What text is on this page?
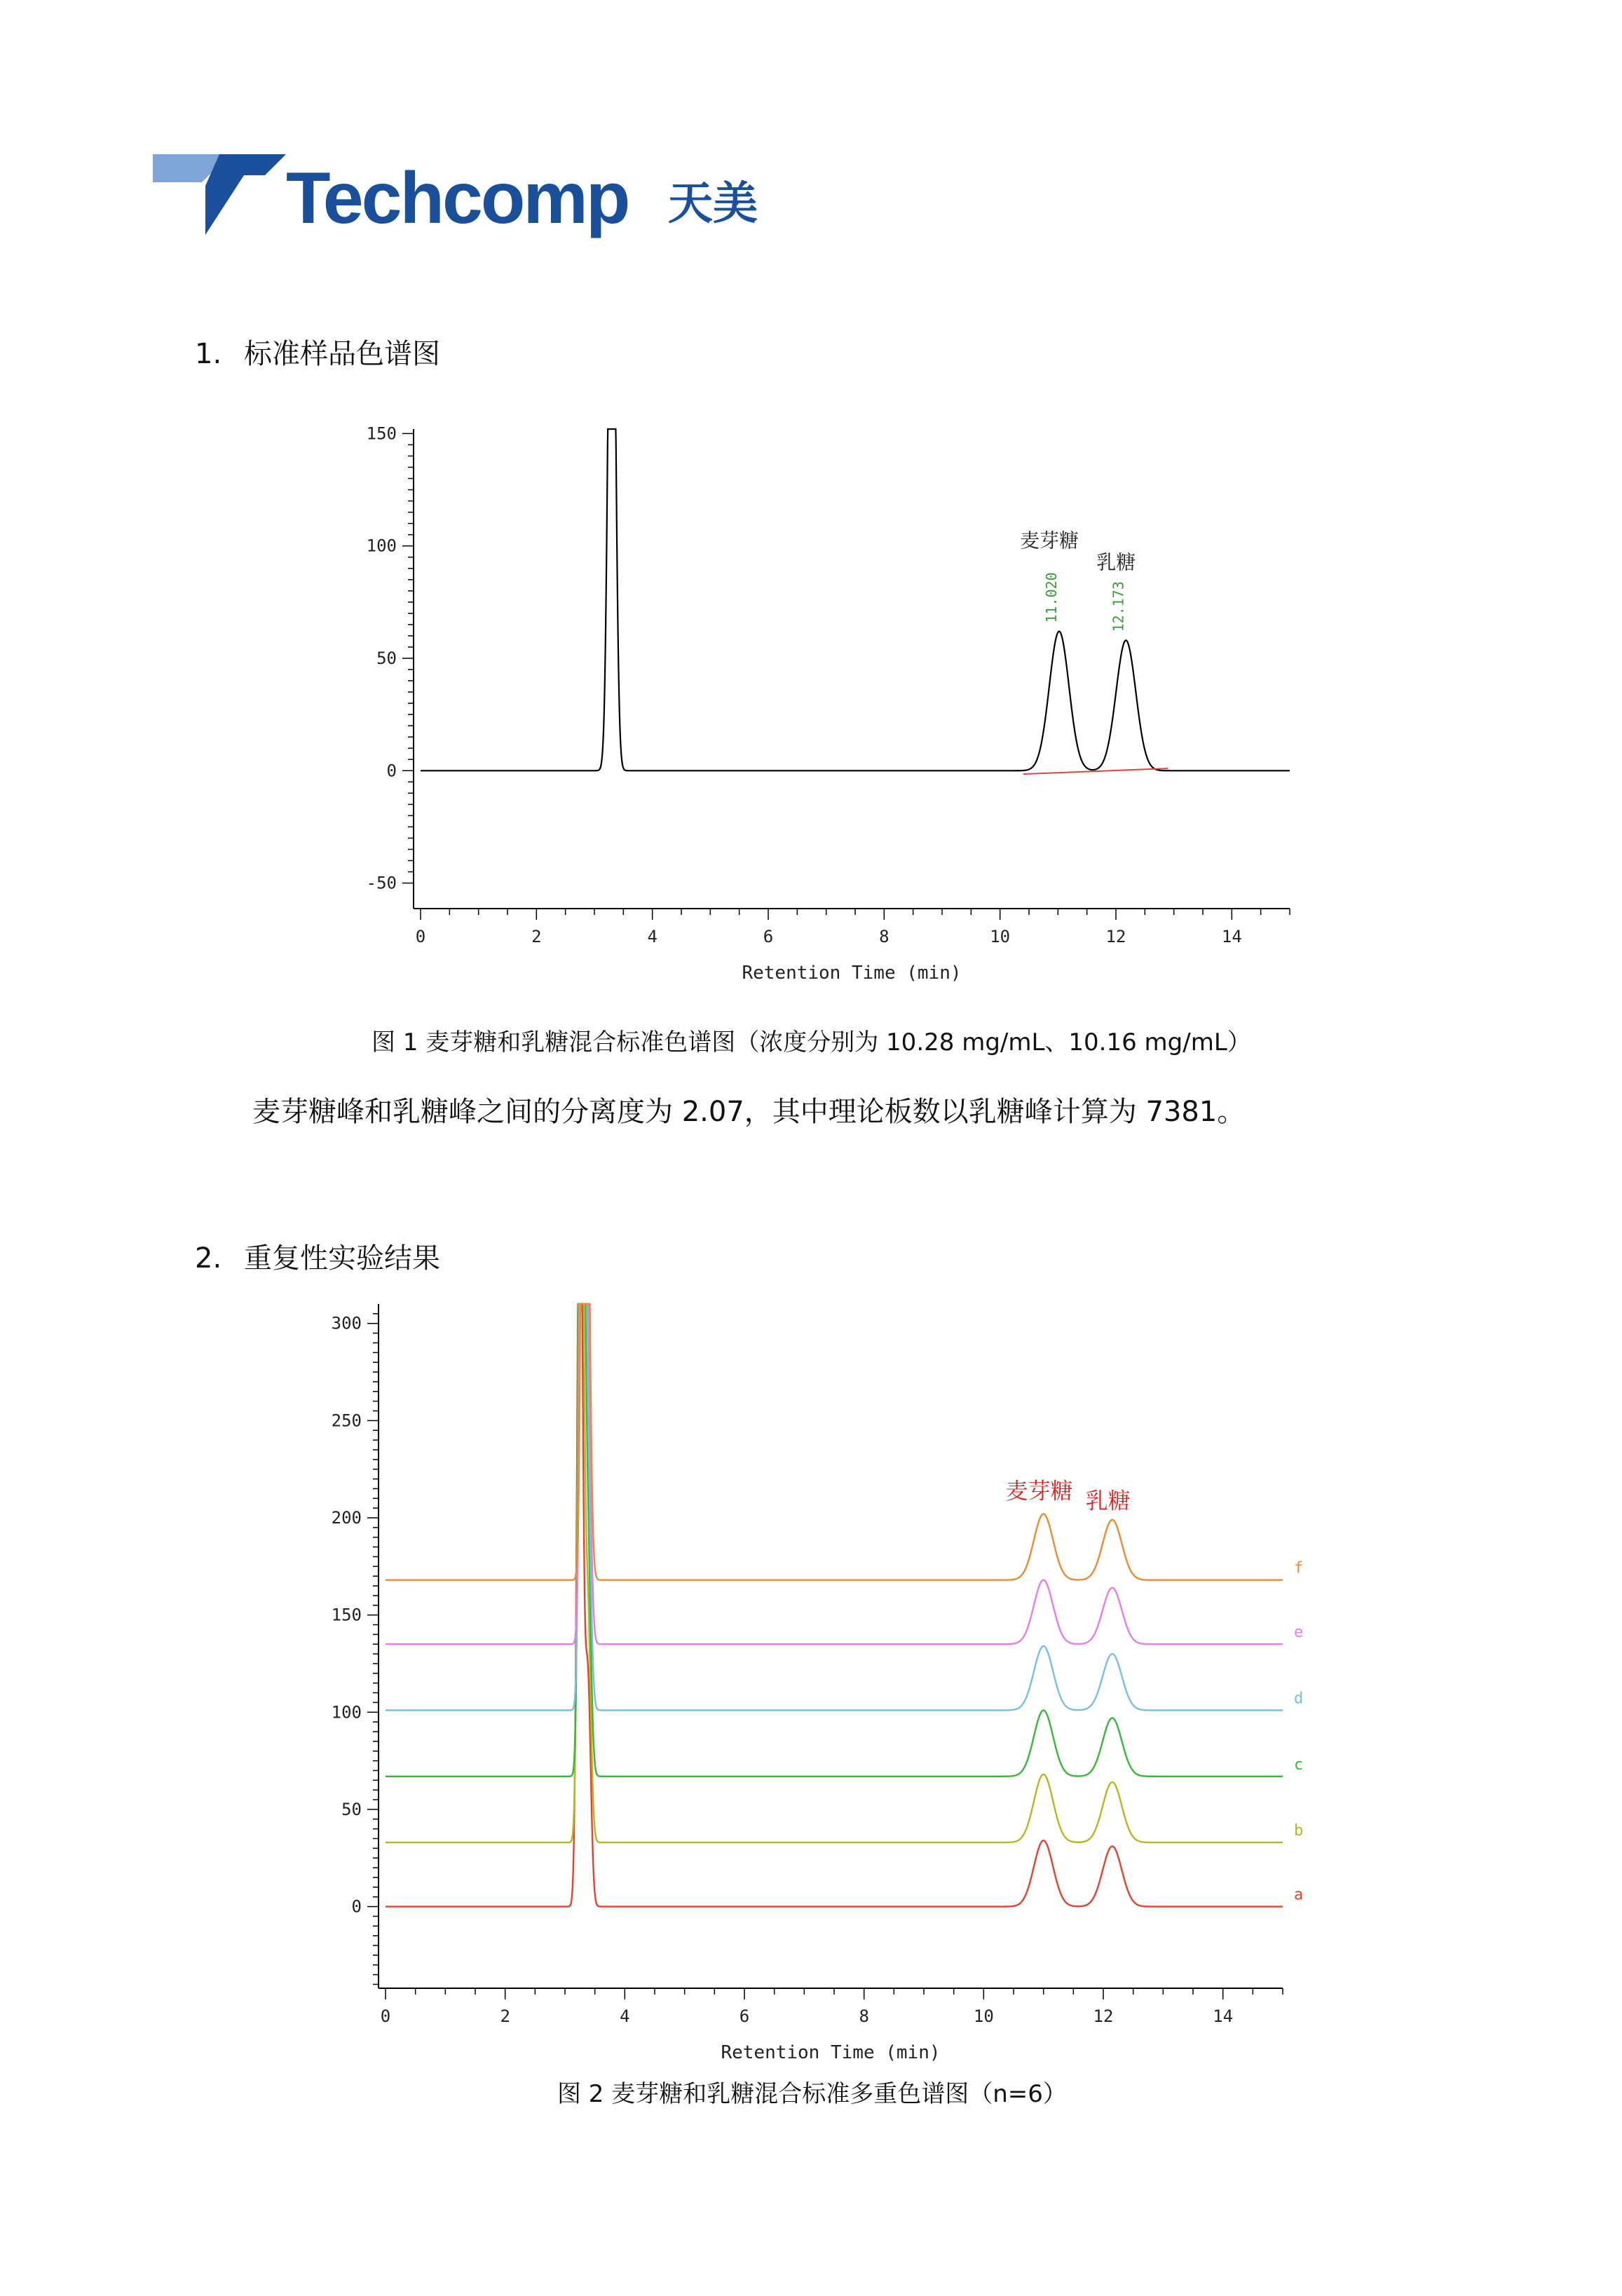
Techcomp 天美
1. 标准样品色谱图
0	2	4	6	8	10	12	14
150
100
50
0
-50
Retention Time (min)
麦芽糖
11.020
乳糖
12.173
图 1 麦芽糖和乳糖混合标准色谱图（浓度分别为 10.28 mg/mL、10.16 mg/mL）
麦芽糖峰和乳糖峰之间的分离度为 2.07，其中理论板数以乳糖峰计算为 7381。
2. 重复性实验结果
0	2	4	6	8	10	12	14
300
250
200
150
100
50
0
Retention Time (min)
a
b
c
d
e
f
麦芽糖 乳糖
图 2 麦芽糖和乳糖混合标准多重色谱图（n=6）
